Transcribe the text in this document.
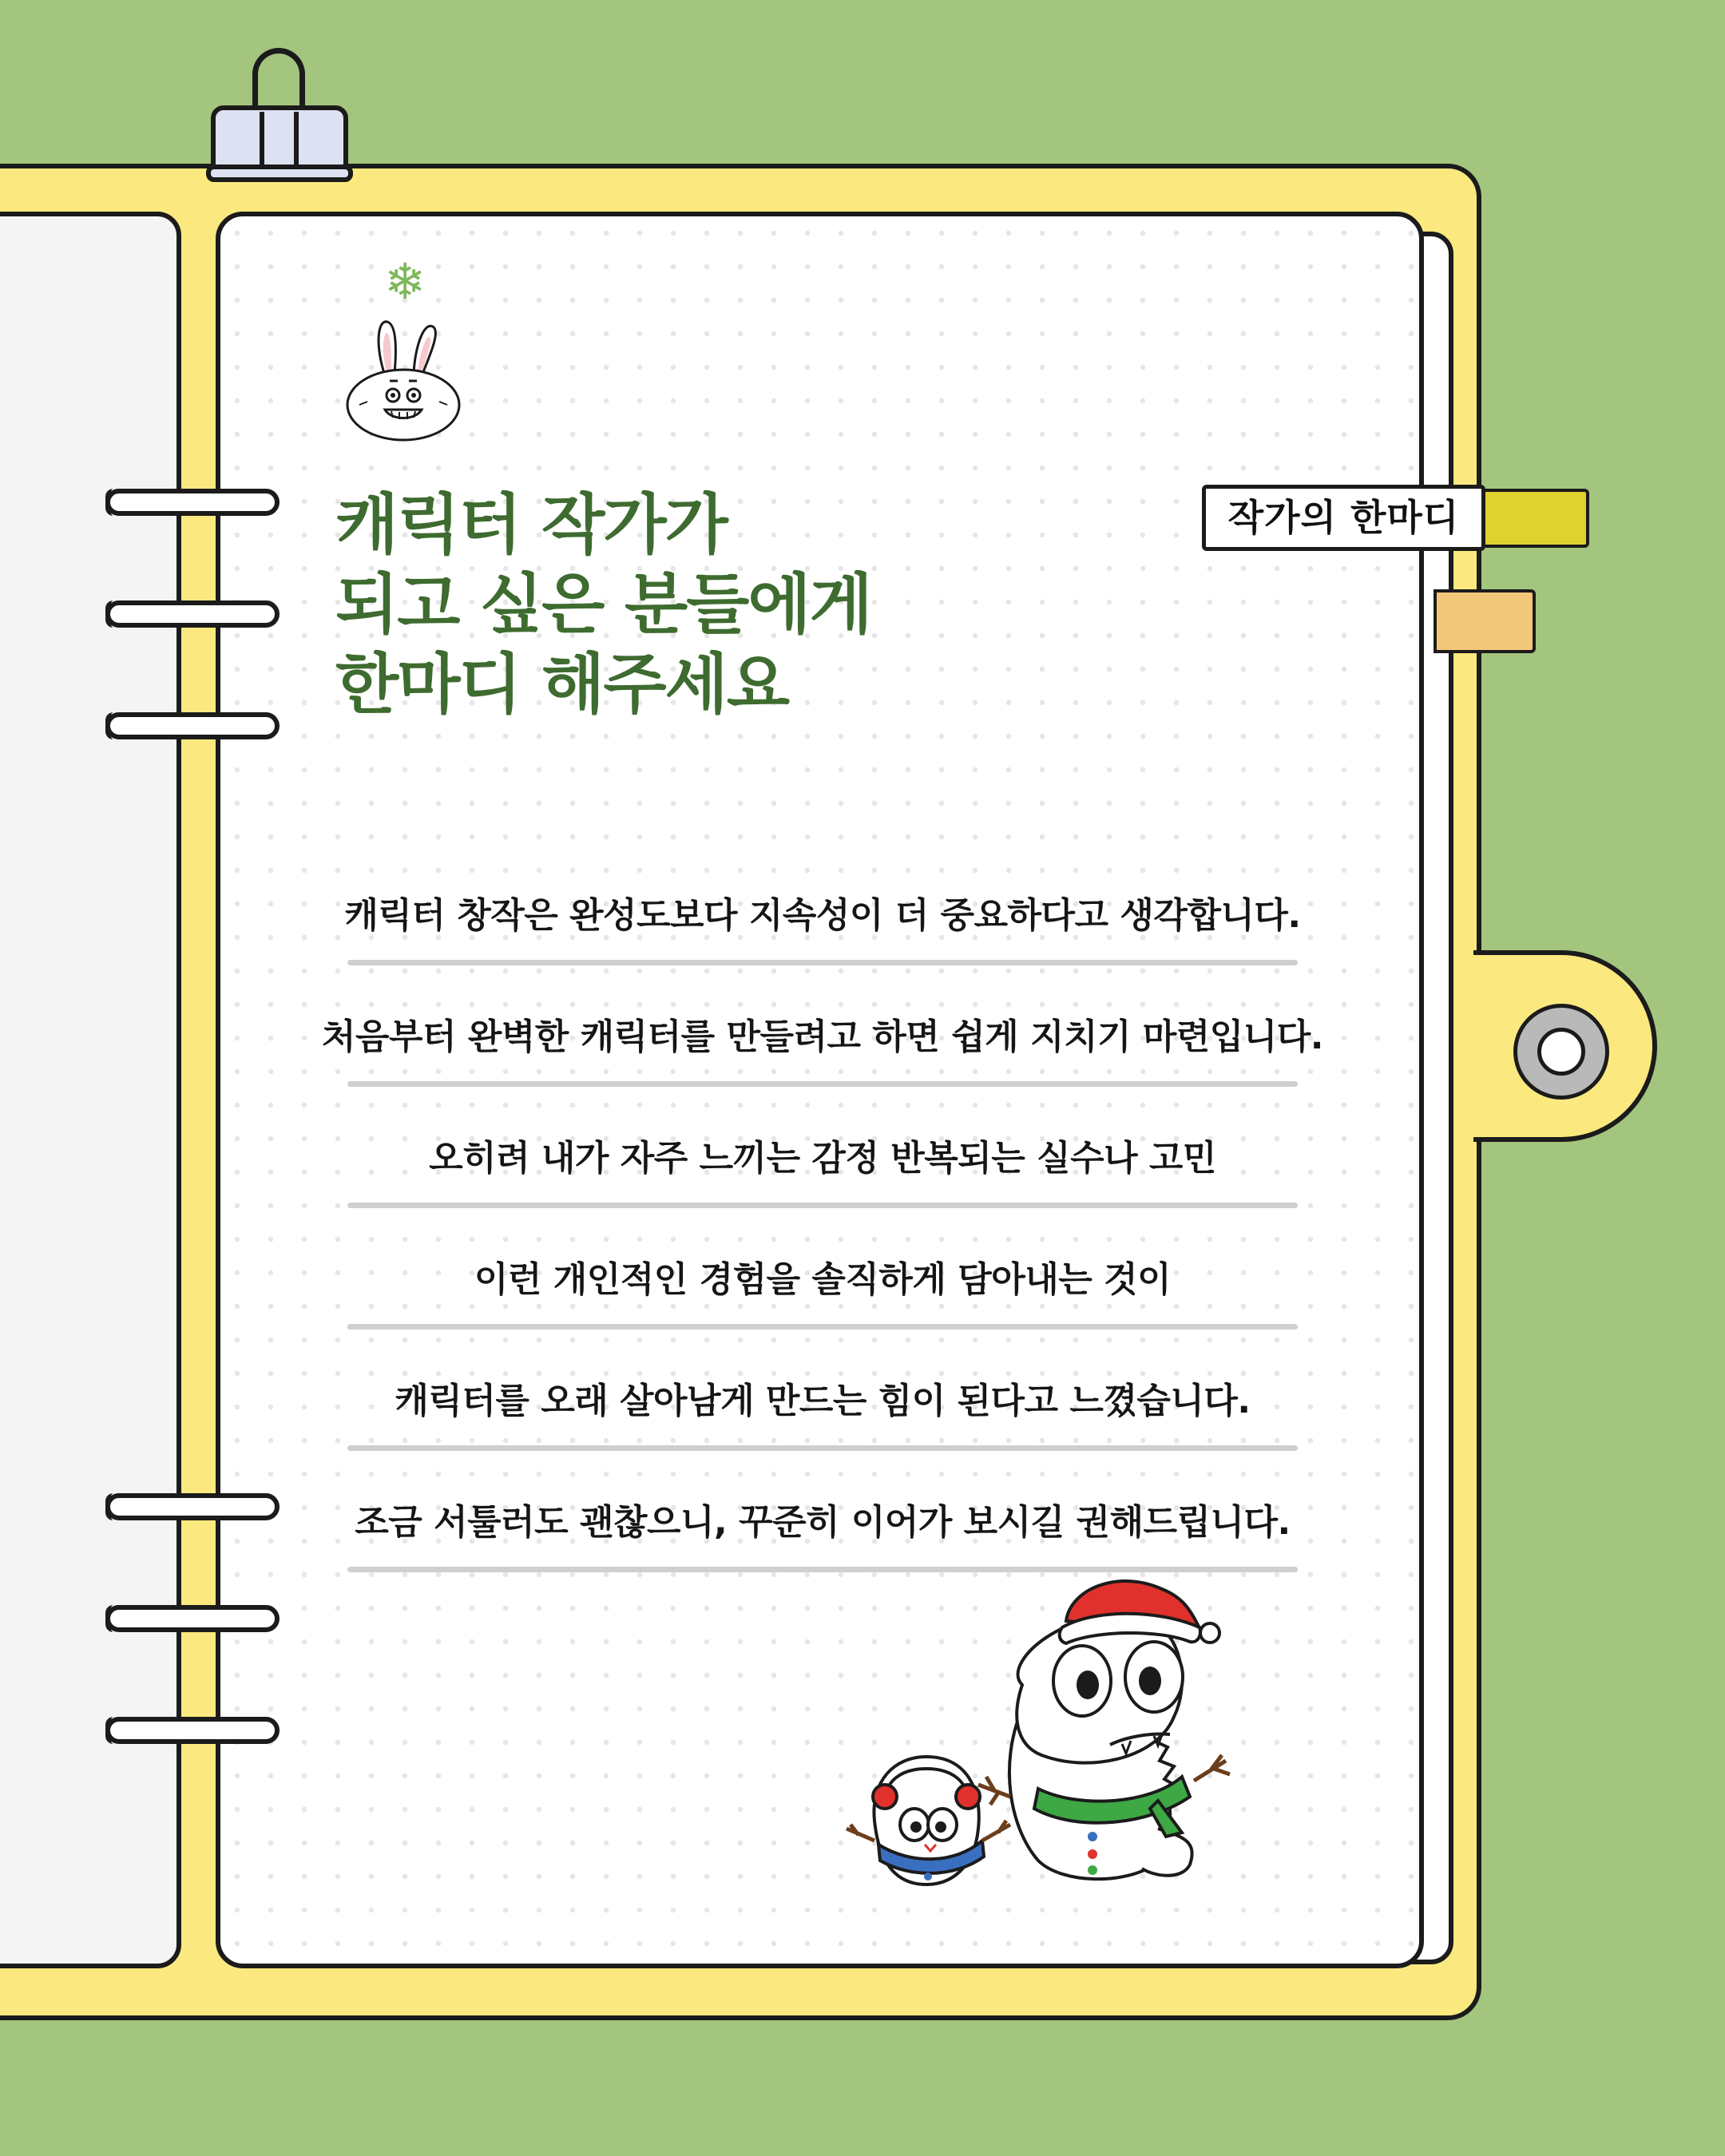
❄
캐릭터 작가가
되고 싶은 분들에게
한마디 해주세요
작가의 한마디
캐릭터 창작은 완성도보다 지속성이 더 중요하다고 생각합니다.
처음부터 완벽한 캐릭터를 만들려고 하면 쉽게 지치기 마련입니다.
오히려 내가 자주 느끼는 감정 반복되는 실수나 고민
이런 개인적인 경험을 솔직하게 담아내는 것이
캐릭터를 오래 살아남게 만드는 힘이 된다고 느꼈습니다.
조금 서툴러도 괜찮으니, 꾸준히 이어가 보시길 권해드립니다.
